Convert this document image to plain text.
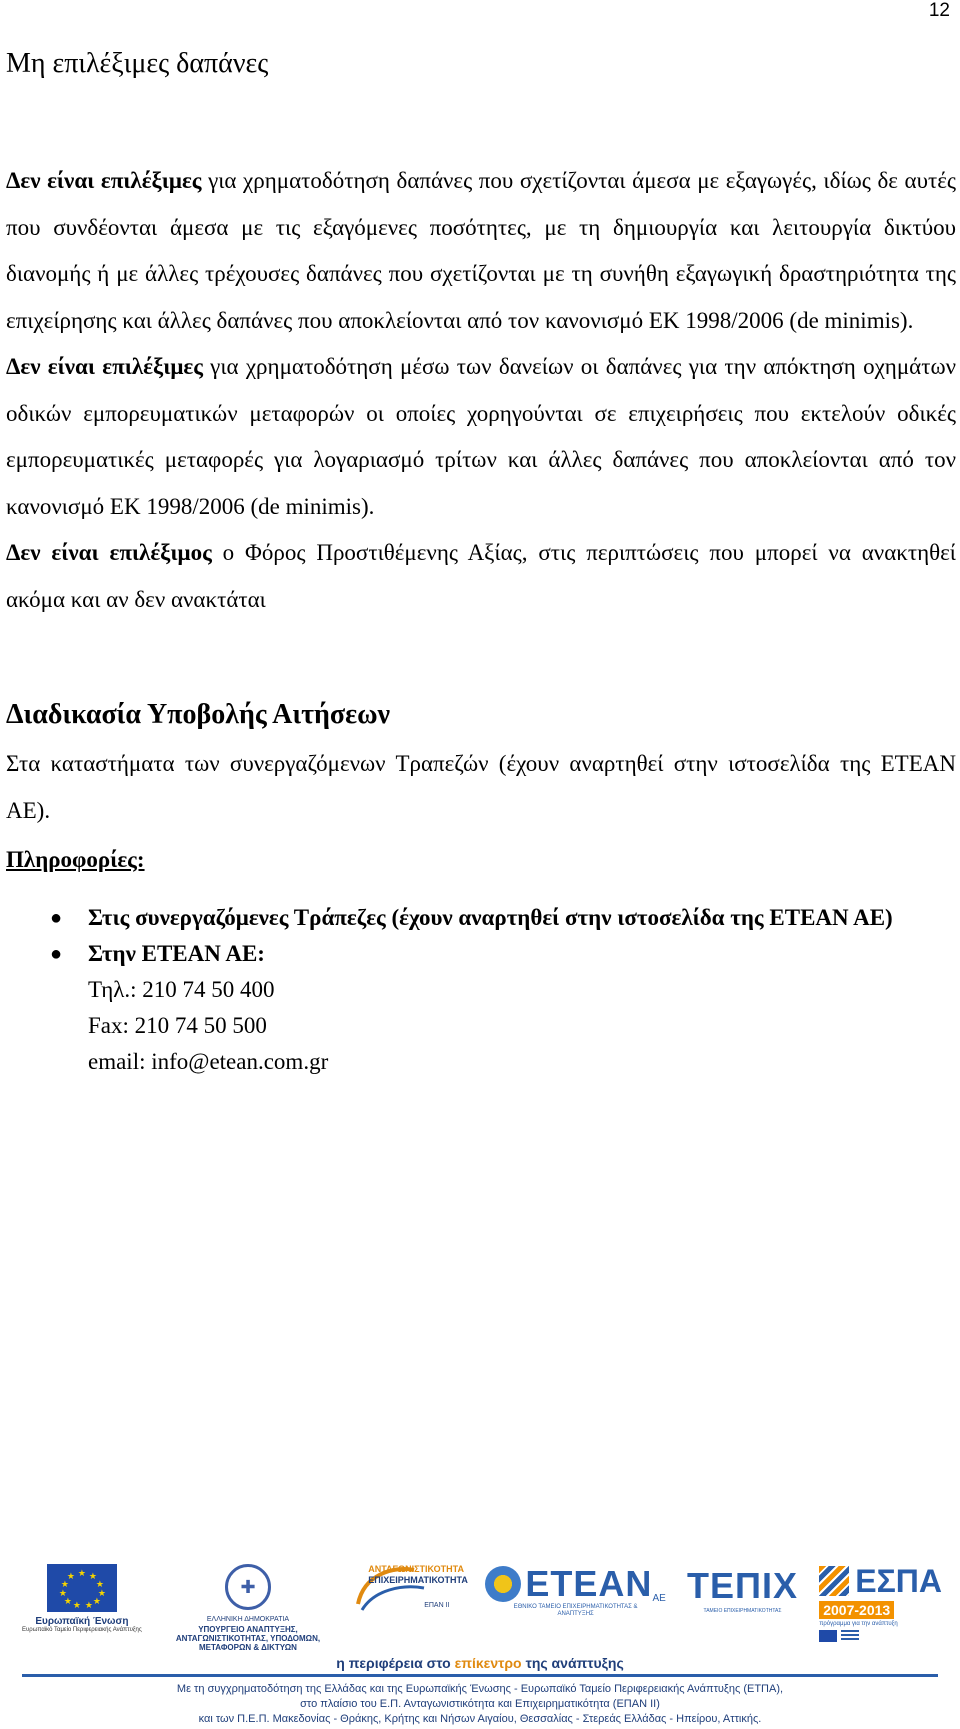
12
Μη επιλέξιμες δαπάνες

Δεν είναι επιλέξιμες για χρηματοδότηση δαπάνες που σχετίζονται άμεσα με εξαγωγές, ιδίως δε αυτές που συνδέονται άμεσα με τις εξαγόμενες ποσότητες, με τη δημιουργία και λειτουργία δικτύου διανομής ή με άλλες τρέχουσες δαπάνες που σχετίζονται με τη συνήθη εξαγωγική δραστηριότητα της επιχείρησης και άλλες δαπάνες που αποκλείονται από τον κανονισμό ΕΚ 1998/2006 (de minimis).

Δεν είναι επιλέξιμες για χρηματοδότηση μέσω των δανείων οι δαπάνες για την απόκτηση οχημάτων οδικών εμπορευματικών μεταφορών οι οποίες χορηγούνται σε επιχειρήσεις που εκτελούν οδικές εμπορευματικές μεταφορές για λογαριασμό τρίτων και άλλες δαπάνες που αποκλείονται από τον κανονισμό ΕΚ 1998/2006 (de minimis).

Δεν είναι επιλέξιμος ο Φόρος Προστιθέμενης Αξίας, στις περιπτώσεις που μπορεί να ανακτηθεί ακόμα και αν δεν ανακτάται

Διαδικασία Υποβολής Αιτήσεων

Στα καταστήματα των συνεργαζόμενων Τραπεζών (έχουν αναρτηθεί στην ιστοσελίδα της ΕΤΕΑΝ ΑΕ).

Πληροφορίες:

● Στις συνεργαζόμενες Τράπεζες (έχουν αναρτηθεί στην ιστοσελίδα της ΕΤΕΑΝ ΑΕ)
● Στην ΕΤΕΑΝ ΑΕ:
Τηλ.: 210 74 50 400
Fax: 210 74 50 500
email: info@etean.com.gr
★ ★
★
★
★
★
★
★
★
★
★
Ευρωπαϊκή Ένωση
Ευρωπαϊκό Ταμείο Περιφερειακής Ανάπτυξης
✚
ΕΛΛΗΝΙΚΗ ΔΗΜΟΚΡΑΤΙΑ
ΥΠΟΥΡΓΕΙΟ ΑΝΑΠΤΥΞΗΣ, ΑΝΤΑΓΩΝΙΣΤΙΚΟΤΗΤΑΣ, ΥΠΟΔΟΜΩΝ, ΜΕΤΑΦΟΡΩΝ & ΔΙΚΤΥΩΝ
ΑΝΤΑΓΩΝΙΣΤΙΚΟΤΗΤΑ
ΕΠΙΧΕΙΡΗΜΑΤΙΚΟΤΗΤΑ
ΕΠΑΝ ΙΙ
ΕΤΕΑΝ ΑΕ
ΕΘΝΙΚΟ ΤΑΜΕΙΟ ΕΠΙΧΕΙΡΗΜΑΤΙΚΟΤΗΤΑΣ & ΑΝΑΠΤΥΞΗΣ
ΤΕΠΙΧ
ΤΑΜΕΙΟ ΕΠΙΧΕΙΡΗΜΑΤΙΚΟΤΗΤΑΣ
ΕΣΠΑ
2007-2013
πρόγραμμα για την ανάπτυξη
η περιφέρεια στο επίκεντρο της ανάπτυξης

Με τη συγχρηματοδότηση της Ελλάδας και της Ευρωπαϊκής Ένωσης - Ευρωπαϊκό Ταμείο Περιφερειακής Ανάπτυξης (ΕΤΠΑ),

στο πλαίσιο του Ε.Π. Ανταγωνιστικότητα και Επιχειρηματικότητα (ΕΠΑΝ ΙΙ)

και των Π.Ε.Π. Μακεδονίας - Θράκης, Κρήτης και Νήσων Αιγαίου, Θεσσαλίας - Στερεάς Ελλάδας - Ηπείρου, Αττικής.
